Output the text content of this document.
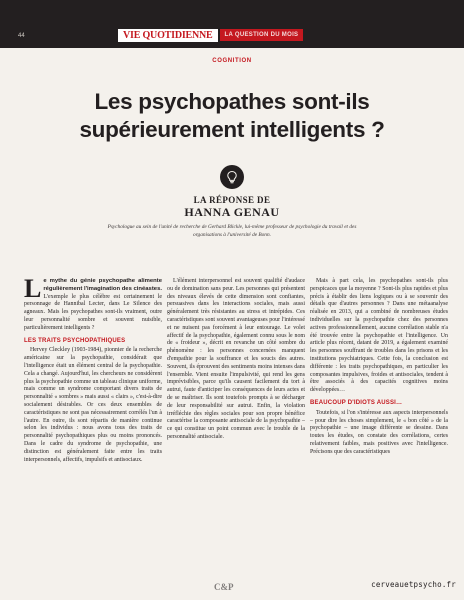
44	VIE QUOTIDIENNE	LA QUESTION DU MOIS
COGNITION
Les psychopathes sont-ils supérieurement intelligents ?
LA RÉPONSE DE
HANNA GENAU
Psychologue au sein de l'unité de recherche de Gerhard Blickle, lui-même professeur de psychologie du travail et des organisations à l'université de Bonn.
L e mythe du génie psychopathe alimente régulièrement l'imagination des cinéastes. L'exemple le plus célèbre est certainement le personnage de Hannibal Lecter, dans Le Silence des agneaux. Mais les psychopathes sont-ils vraiment, outre leur personnalité sombre et souvent nuisible, particulièrement intelligents ?
LES TRAITS PSYCHOPATHIQUES
Hervey Cleckley (1903-1984), pionnier de la recherche américaine sur la psychopathie, considérait que l'intelligence était un élément central de la psychopathie. Cela a changé. Aujourd'hui, les chercheurs ne considèrent plus la psychopathie comme un tableau clinique uniforme, mais comme un syndrome comportant divers traits de personnalité « sombres » mais aussi « clairs », c'est-à-dire socialement désirables. Or ces deux ensembles de caractéristiques ne sont pas nécessairement corrélés l'un à l'autre. En outre, ils sont répartis de manière continue selon les individus : nous avons tous des traits de personnalité psychopathiques plus ou moins prononcés. Dans le cadre du syndrome de psychopathie, une distinction est généralement faite entre les traits interpersonnels, affectifs, impulsifs et antisociaux.
L'élément interpersonnel est souvent qualifié d'audace ou de domination sans peur. Les personnes qui présentent des niveaux élevés de cette dimension sont confiantes, persuasives dans les interactions sociales, mais aussi généralement très résistantes au stress et intrépides. Ces caractéristiques sont souvent avantageuses pour l'intéressé et ne nuisent pas forcément à leur entourage. Le volet affectif de la psychopathie, également connu sous le nom de « froideur », décrit en revanche un côté sombre du phénomène : les personnes concernées manquent d'empathie pour la souffrance et les soucis des autres. Souvent, ils éprouvent des sentiments moins intenses dans l'ensemble. Vient ensuite l'impulsivité, qui rend les gens imprévisibles, parce qu'ils causent facilement du tort à autrui, faute d'anticiper les conséquences de leurs actes et de se maîtriser. Ils sont toutefois prompts à se décharger de leur responsabilité sur autrui. Enfin, la violation irréfléchie des règles sociales pour son propre bénéfice caractérise la composante antisociale de la psychopathie – ce qui constitue un point commun avec le trouble de la personnalité antisociale.
Mais à part cela, les psychopathes sont-ils plus perspicaces que la moyenne ? Sont-ils plus rapides et plus précis à établir des liens logiques ou à se souvenir des détails que d'autres personnes ? Dans une métaanalyse réalisée en 2013, qui a combiné de nombreuses études individuelles sur la psychopathie chez des personnes actives professionnellement, aucune corrélation stable n'a été trouvée entre la psychopathie et l'intelligence. Un article plus récent, datant de 2019, a également examiné les personnes souffrant de troubles dans les prisons et les institutions psychiatriques. Cette fois, la conclusion est différente : les traits psychopathiques, en particulier les composantes impulsives, froides et antisociales, tendent à être associés à des capacités cognitives moins développées…
BEAUCOUP D'IDIOTS AUSSI…
Toutefois, si l'on s'intéresse aux aspects interpersonnels – pour dire les choses simplement, le « bon côté » de la psychopathie – une image différente se dessine. Dans toutes les études, on constate des corrélations, certes relativement faibles, mais positives avec l'intelligence. Précisons que des caractéristiques
C&P	cerveauetpsycho.fr
